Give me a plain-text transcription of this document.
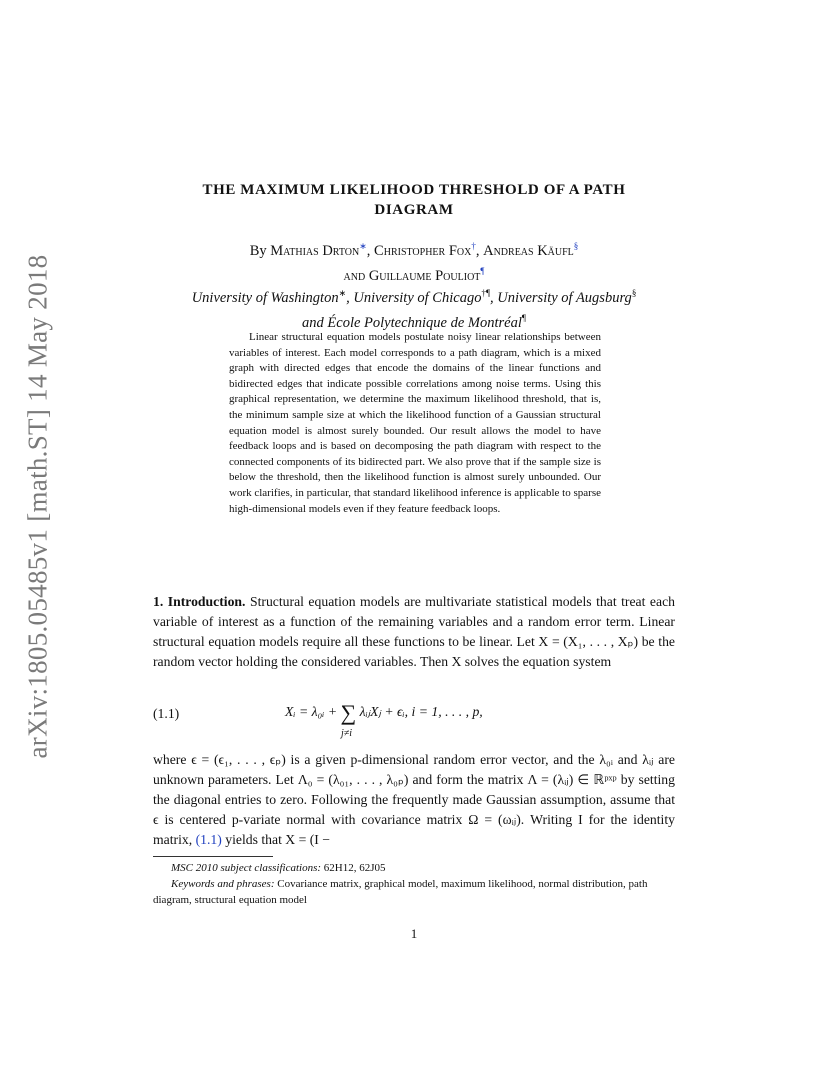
arXiv:1805.05485v1 [math.ST] 14 May 2018
THE MAXIMUM LIKELIHOOD THRESHOLD OF A PATH
DIAGRAM
By Mathias Drton∗, Christopher Fox†, Andreas Käufl§
and Guillaume Pouliot¶
University of Washington∗, University of Chicago†¶, University of Augsburg§
and École Polytechnique de Montréal¶
Linear structural equation models postulate noisy linear relationships between variables of interest. Each model corresponds to a path diagram, which is a mixed graph with directed edges that encode the domains of the linear functions and bidirected edges that indicate possible correlations among noise terms. Using this graphical representation, we determine the maximum likelihood threshold, that is, the minimum sample size at which the likelihood function of a Gaussian structural equation model is almost surely bounded. Our result allows the model to have feedback loops and is based on decomposing the path diagram with respect to the connected components of its bidirected part. We also prove that if the sample size is below the threshold, then the likelihood function is almost surely unbounded. Our work clarifies, in particular, that standard likelihood inference is applicable to sparse high-dimensional models even if they feature feedback loops.
1. Introduction. Structural equation models are multivariate statistical models that treat each variable of interest as a function of the remaining variables and a random error term. Linear structural equation models require all these functions to be linear. Let X = (X₁, . . . , Xₚ) be the random vector holding the considered variables. Then X solves the equation system
(1.1)	Xᵢ = λ₀ᵢ + ∑ λᵢⱼXⱼ + ϵᵢ, i = 1, . . . , p,
j≠i
where ϵ = (ϵ₁, . . . , ϵₚ) is a given p-dimensional random error vector, and the λ₀ᵢ and λᵢⱼ are unknown parameters. Let Λ₀ = (λ₀₁, . . . , λ₀ₚ) and form the matrix Λ = (λᵢⱼ) ∈ ℝᵖˣᵖ by setting the diagonal entries to zero. Following the frequently made Gaussian assumption, assume that ϵ is centered p-variate normal with covariance matrix Ω = (ωᵢⱼ). Writing I for the identity matrix, (1.1) yields that X = (I −

MSC 2010 subject classifications: 62H12, 62J05

Keywords and phrases: Covariance matrix, graphical model, maximum likelihood, normal distribution, path diagram, structural equation model

1
